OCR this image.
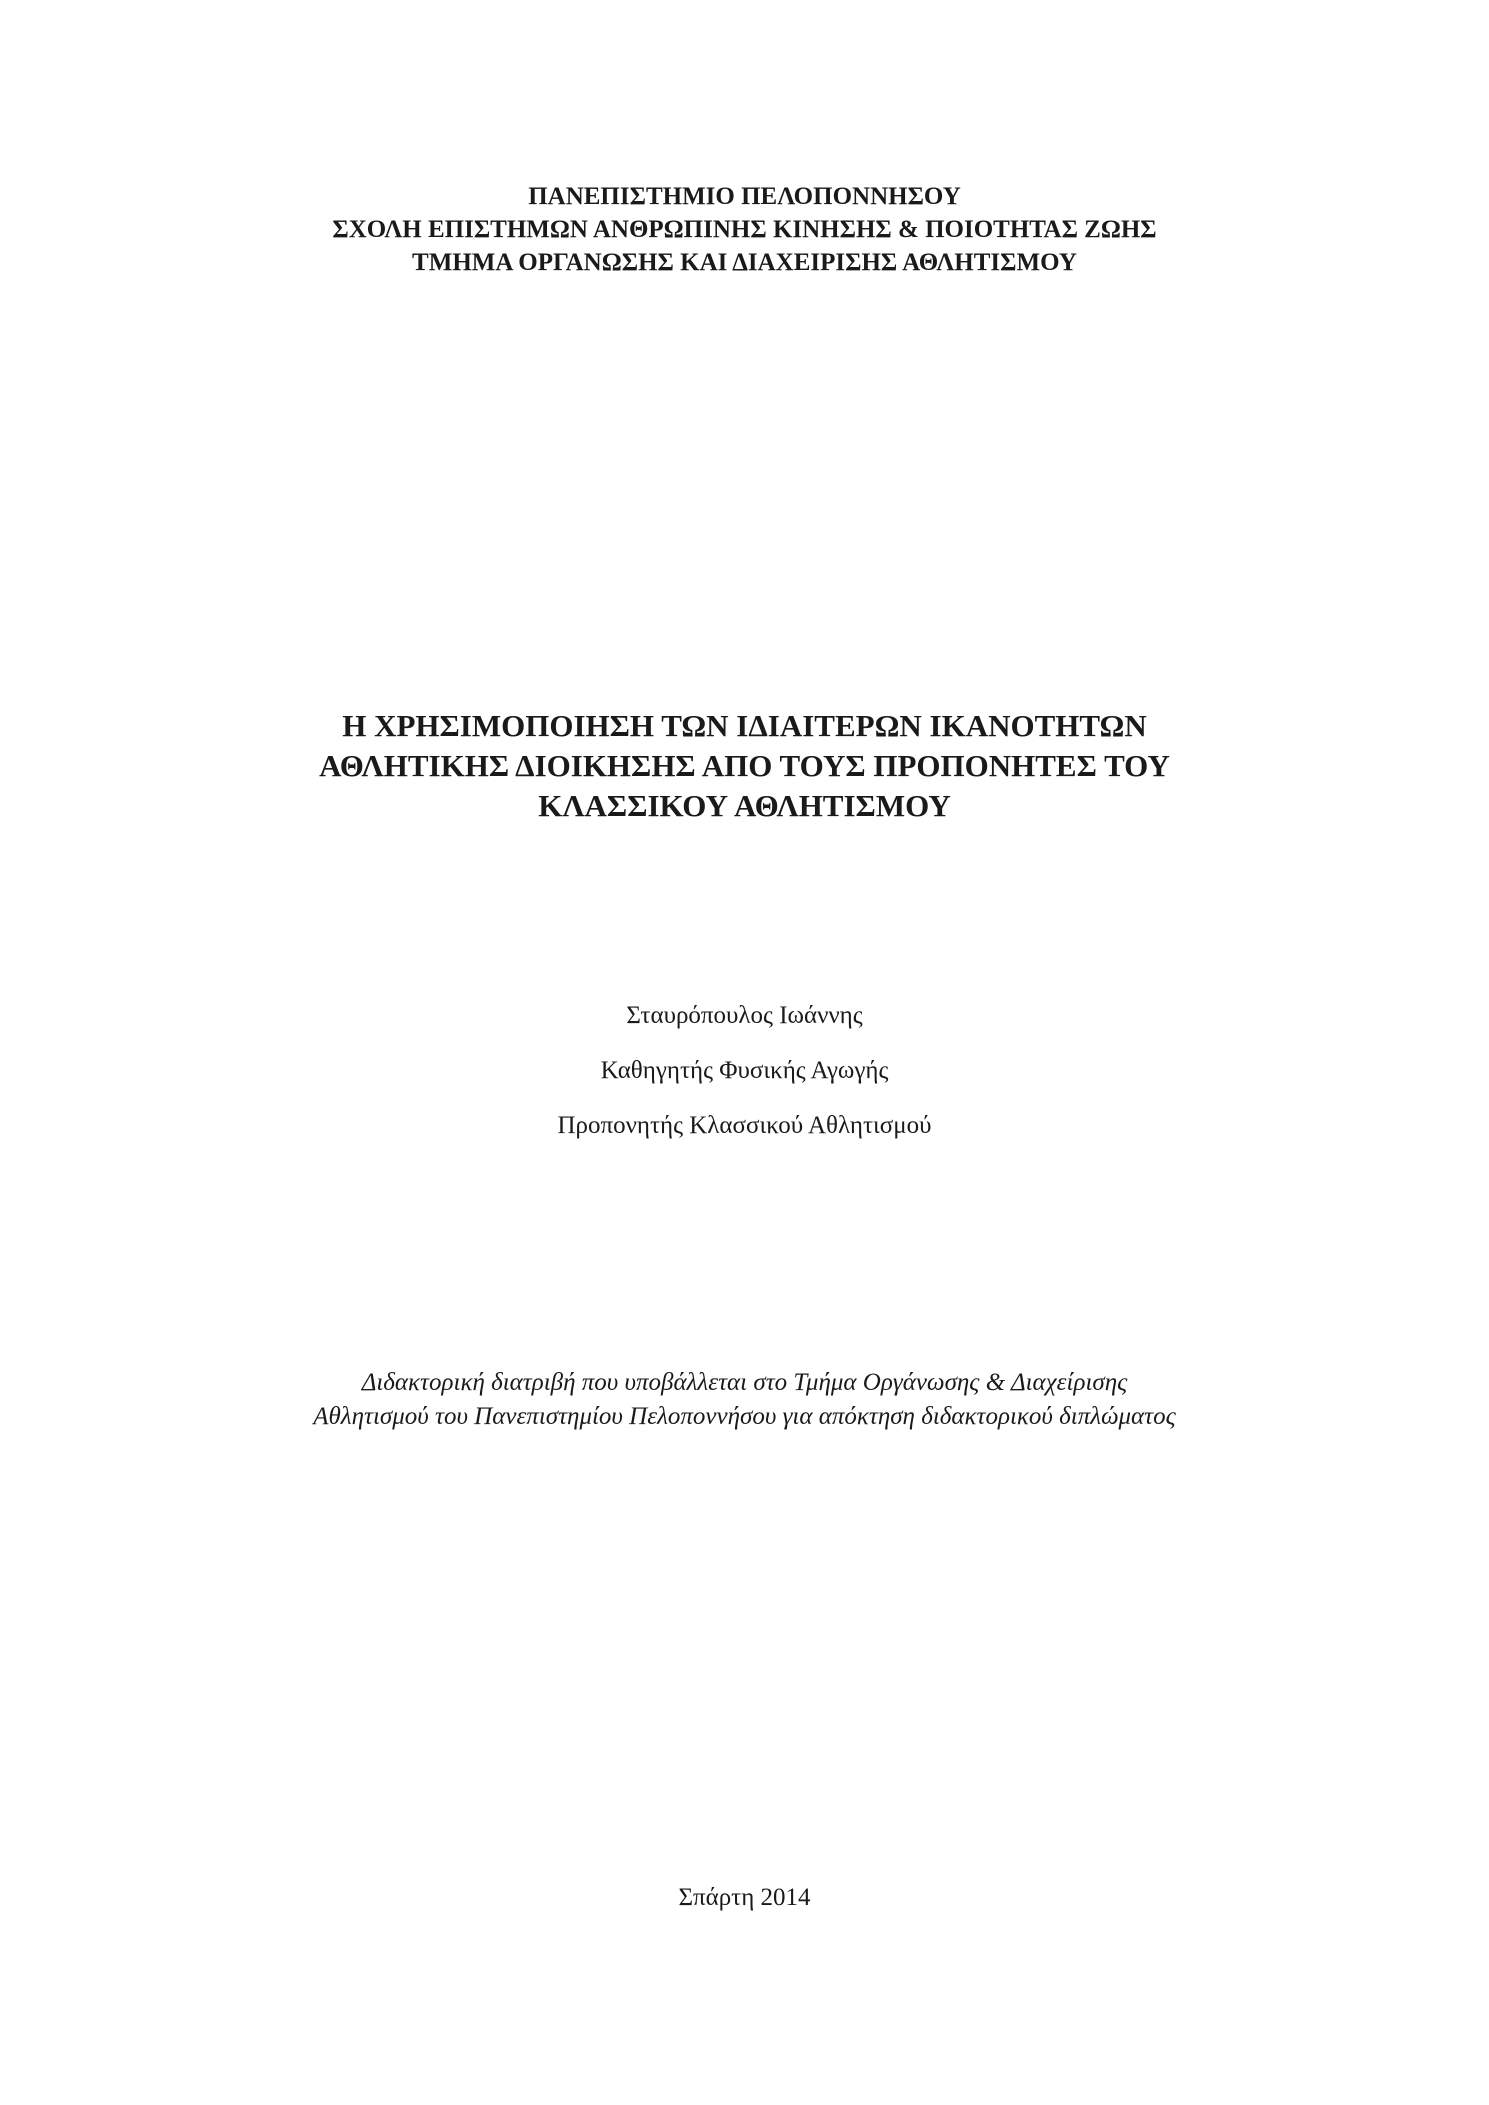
ΠΑΝΕΠΙΣΤΗΜΙΟ ΠΕΛΟΠΟΝΝΗΣΟΥ
ΣΧΟΛΗ ΕΠΙΣΤΗΜΩΝ ΑΝΘΡΩΠΙΝΗΣ ΚΙΝΗΣΗΣ & ΠΟΙΟΤΗΤΑΣ ΖΩΗΣ
ΤΜΗΜΑ ΟΡΓΑΝΩΣΗΣ ΚΑΙ ΔΙΑΧΕΙΡΙΣΗΣ ΑΘΛΗΤΙΣΜΟΥ
Η ΧΡΗΣΙΜΟΠΟΙΗΣΗ ΤΩΝ ΙΔΙΑΙΤΕΡΩΝ ΙΚΑΝΟΤΗΤΩΝ
ΑΘΛΗΤΙΚΗΣ ΔΙΟΙΚΗΣΗΣ ΑΠΟ ΤΟΥΣ ΠΡΟΠΟΝΗΤΕΣ ΤΟΥ
ΚΛΑΣΣΙΚΟΥ ΑΘΛΗΤΙΣΜΟΥ
Σταυρόπουλος Ιωάννης
Καθηγητής Φυσικής Αγωγής
Προπονητής Κλασσικού Αθλητισμού
Διδακτορική διατριβή που υποβάλλεται στο Τμήμα Οργάνωσης & Διαχείρισης
Αθλητισμού του Πανεπιστημίου Πελοποννήσου για απόκτηση διδακτορικού διπλώματος
Σπάρτη 2014
